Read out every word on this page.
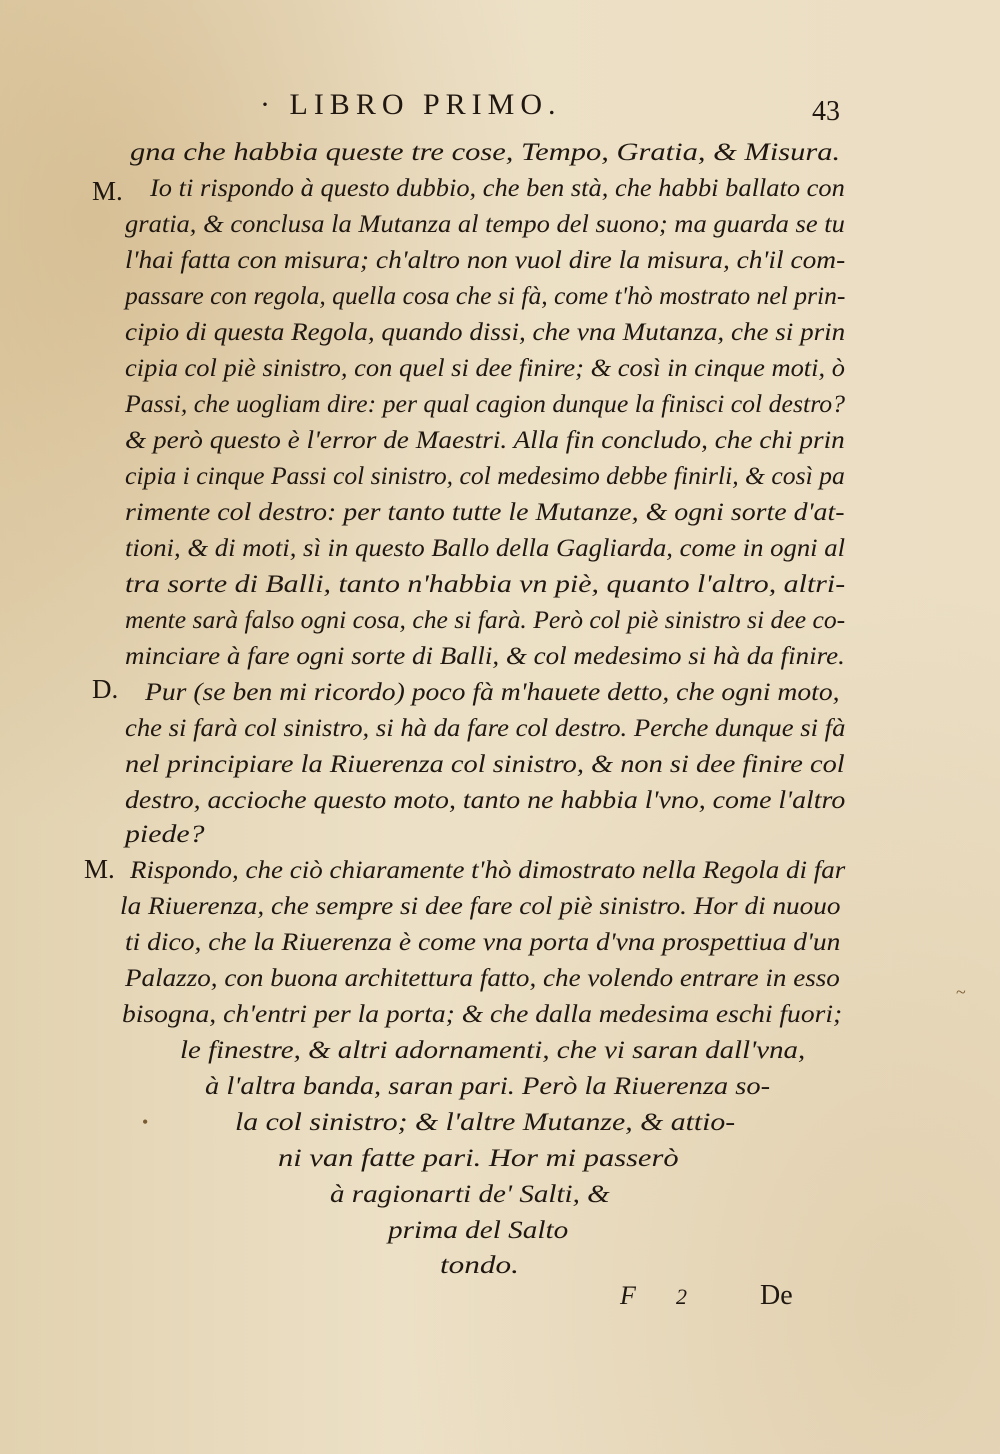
· LIBRO PRIMO.	43
M.
D.
M.
gna che habbia queste tre cose, Tempo, Gratia, & Misura.
Io ti rispondo à questo dubbio, che ben stà, che habbi ballato con
gratia, & conclusa la Mutanza al tempo del suono; ma guarda se tu
l'hai fatta con misura; ch'altro non vuol dire la misura, ch'il com-
passare con regola, quella cosa che si fà, come t'hò mostrato nel prin-
cipio di questa Regola, quando dissi, che vna Mutanza, che si prin
cipia col piè sinistro, con quel si dee finire; & così in cinque moti, ò
Passi, che uogliam dire: per qual cagion dunque la finisci col destro?
& però questo è l'error de Maestri. Alla fin concludo, che chi prin
cipia i cinque Passi col sinistro, col medesimo debbe finirli, & così pa
rimente col destro: per tanto tutte le Mutanze, & ogni sorte d'at-
tioni, & di moti, sì in questo Ballo della Gagliarda, come in ogni al
tra sorte di Balli, tanto n'habbia vn piè, quanto l'altro, altri-
mente sarà falso ogni cosa, che si farà. Però col piè sinistro si dee co-
minciare à fare ogni sorte di Balli, & col medesimo si hà da finire.
Pur (se ben mi ricordo) poco fà m'hauete detto, che ogni moto,
che si farà col sinistro, si hà da fare col destro. Perche dunque si fà
nel principiare la Riuerenza col sinistro, & non si dee finire col
destro, accioche questo moto, tanto ne habbia l'vno, come l'altro
piede?
Rispondo, che ciò chiaramente t'hò dimostrato nella Regola di far
la Riuerenza, che sempre si dee fare col piè sinistro. Hor di nuouo
ti dico, che la Riuerenza è come vna porta d'vna prospettiua d'un
Palazzo, con buona architettura fatto, che volendo entrare in esso
bisogna, ch'entri per la porta; & che dalla medesima eschi fuori;
le finestre, & altri adornamenti, che vi saran dall'vna,
à l'altra banda, saran pari. Però la Riuerenza so-
la col sinistro; & l'altre Mutanze, & attio-
ni van fatte pari. Hor mi passerò
à ragionarti de' Salti, &
prima del Salto
tondo.
F 2	De
•
~
